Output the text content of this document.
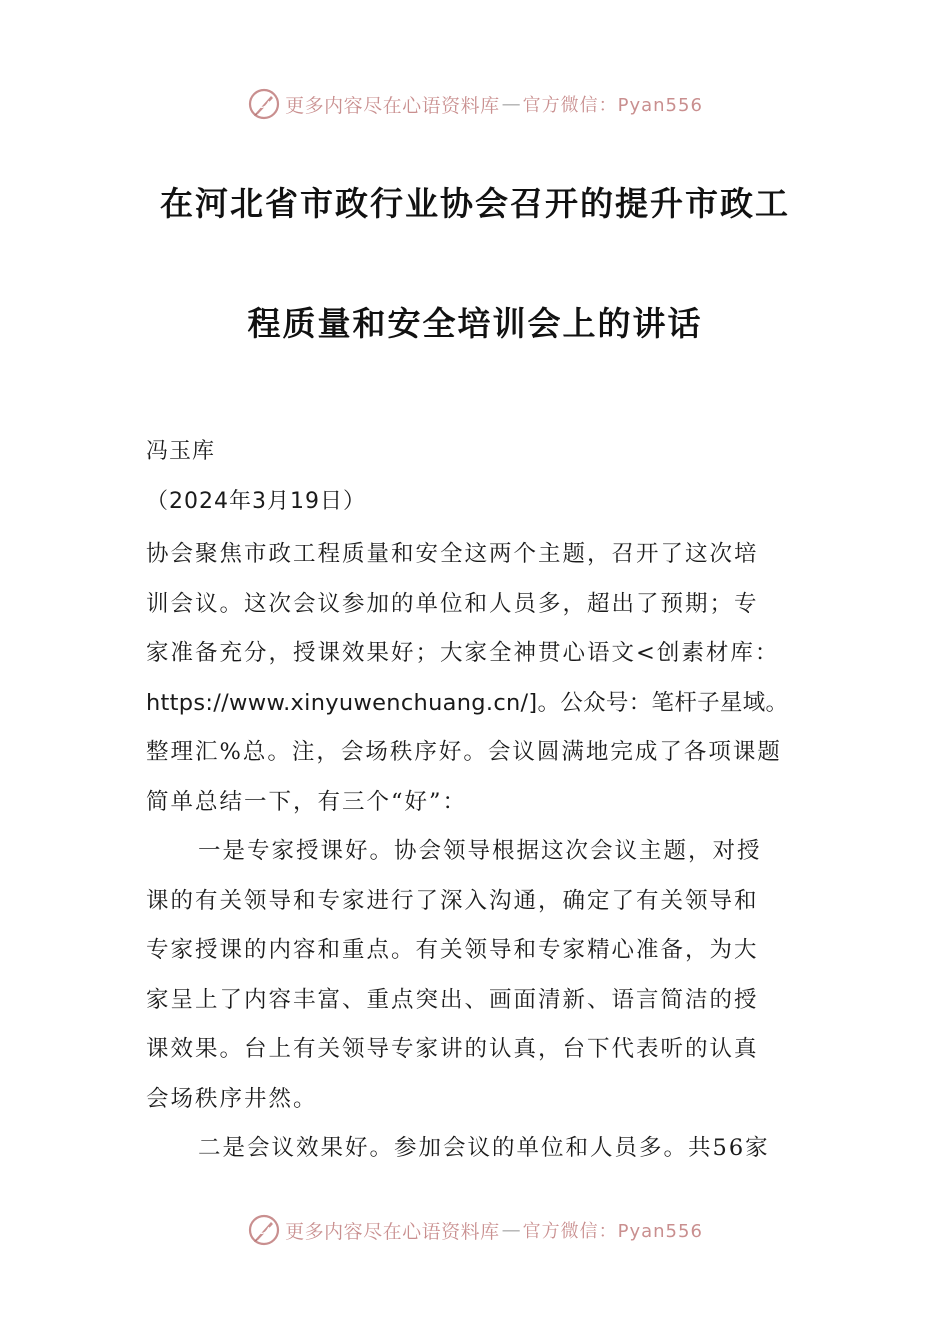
更多内容尽在心语资料库 — 官方微信：Pyan556
在河北省市政行业协会召开的提升市政工
程质量和安全培训会上的讲话
冯玉库
（2024年3月19日）

协会聚焦市政工程质量和安全这两个主题，召开了这次培
训会议。这次会议参加的单位和人员多，超出了预期；专
家准备充分，授课效果好；大家全神贯心语文<创素材库：
https://www.xinyuwenchuang.cn/]。公众号：笔杆子星域。
整理汇%总。注，会场秩序好。会议圆满地完成了各项课题
简单总结一下，有三个“好”：

一是专家授课好。协会领导根据这次会议主题，对授
课的有关领导和专家进行了深入沟通，确定了有关领导和
专家授课的内容和重点。有关领导和专家精心准备，为大
家呈上了内容丰富、重点突出、画面清新、语言简洁的授
课效果。台上有关领导专家讲的认真，台下代表听的认真
会场秩序井然。

二是会议效果好。参加会议的单位和人员多。共56家

更多内容尽在心语资料库 — 官方微信：Pyan556
